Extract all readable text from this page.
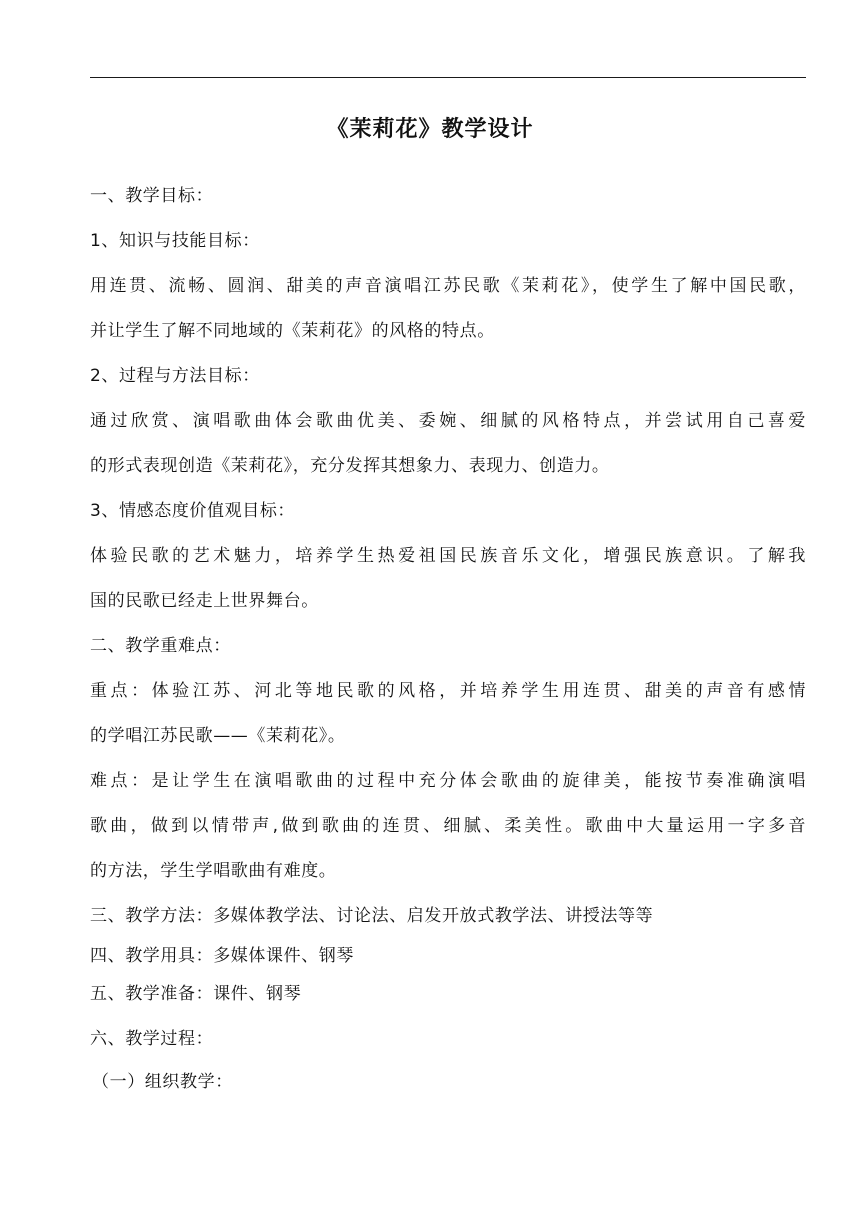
《茉莉花》教学设计
一、教学目标：
1、知识与技能目标：
用连贯、流畅、圆润、甜美的声音演唱江苏民歌《茉莉花》，使学生了解中国民歌，
并让学生了解不同地域的《茉莉花》的风格的特点。
2、过程与方法目标：
通过欣赏、演唱歌曲体会歌曲优美、委婉、细腻的风格特点，并尝试用自己喜爱
的形式表现创造《茉莉花》，充分发挥其想象力、表现力、创造力。
3、情感态度价值观目标：
体验民歌的艺术魅力，培养学生热爱祖国民族音乐文化，增强民族意识。了解我
国的民歌已经走上世界舞台。
二、教学重难点：
重点：体验江苏、河北等地民歌的风格，并培养学生用连贯、甜美的声音有感情
的学唱江苏民歌——《茉莉花》。
难点：是让学生在演唱歌曲的过程中充分体会歌曲的旋律美，能按节奏准确演唱
歌曲，做到以情带声,做到歌曲的连贯、细腻、柔美性。歌曲中大量运用一字多音
的方法，学生学唱歌曲有难度。
三、教学方法：多媒体教学法、讨论法、启发开放式教学法、讲授法等等
四、教学用具：多媒体课件、钢琴
五、教学准备：课件、钢琴
六、教学过程：
（一）组织教学：
